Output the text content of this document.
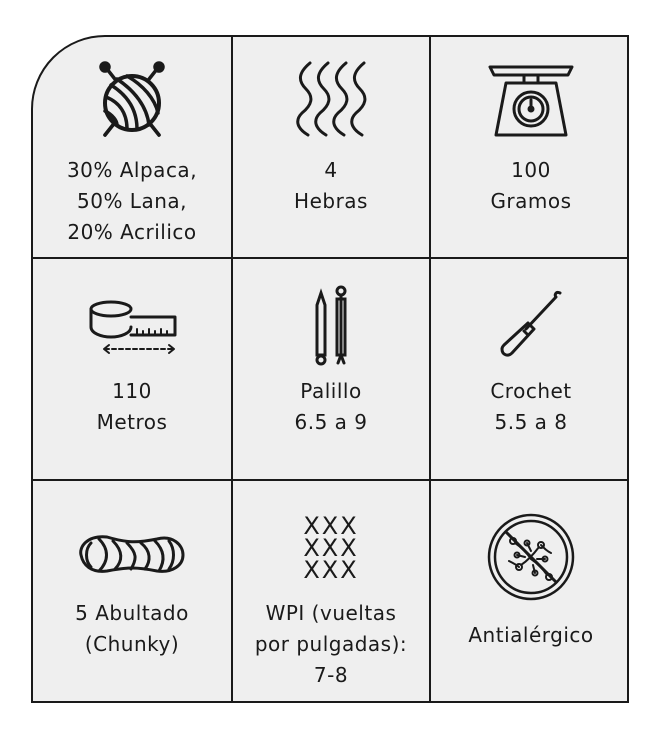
30% Alpaca,
50% Lana,
20% Acrilico
4
Hebras
100
Gramos
110
Metros
Palillo
6.5 a 9
Crochet
5.5 a 8
5 Abultado
(Chunky)
XXX
XXX
XXX
WPI (vueltas
por pulgadas):
7-8
Antialérgico
